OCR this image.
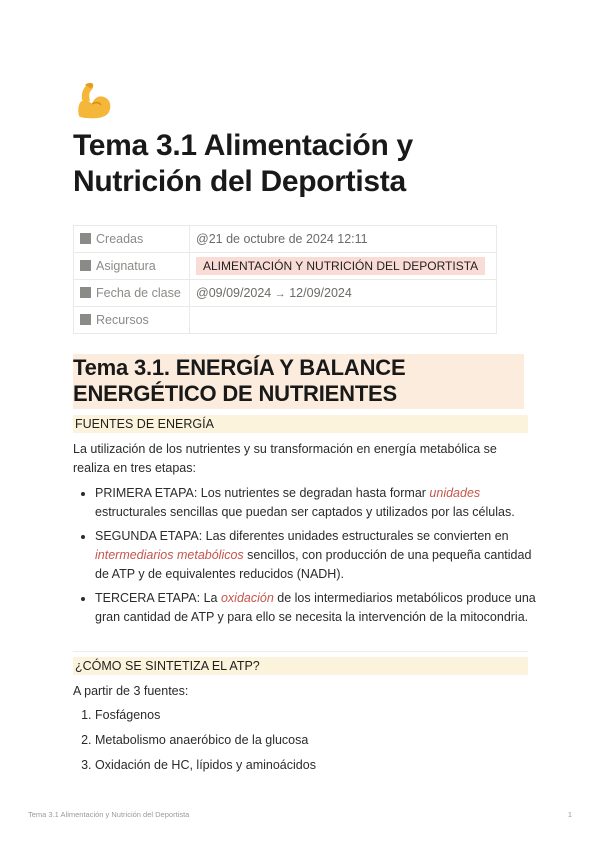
Tema 3.1 Alimentación y Nutrición del Deportista
Creadas	@21 de octubre de 2024 12:11
Asignatura	ALIMENTACIÓN Y NUTRICIÓN DEL DEPORTISTA
Fecha de clase	@09/09/2024 → 12/09/2024
Recursos	
Tema 3.1. ENERGÍA Y BALANCE ENERGÉTICO DE NUTRIENTES
FUENTES DE ENERGÍA
La utilización de los nutrientes y su transformación en energía metabólica se realiza en tres etapas:
• PRIMERA ETAPA: Los nutrientes se degradan hasta formar unidades estructurales sencillas que puedan ser captados y utilizados por las células.
• SEGUNDA ETAPA: Las diferentes unidades estructurales se convierten en intermediarios metabólicos sencillos, con producción de una pequeña cantidad de ATP y de equivalentes reducidos (NADH).
• TERCERA ETAPA: La oxidación de los intermediarios metabólicos produce una gran cantidad de ATP y para ello se necesita la intervención de la mitocondria.
¿CÓMO SE SINTETIZA EL ATP?
A partir de 3 fuentes:
1. Fosfágenos
2. Metabolismo anaeróbico de la glucosa
3. Oxidación de HC, lípidos y aminoácidos
Tema 3.1 Alimentación y Nutrición del Deportista	1
